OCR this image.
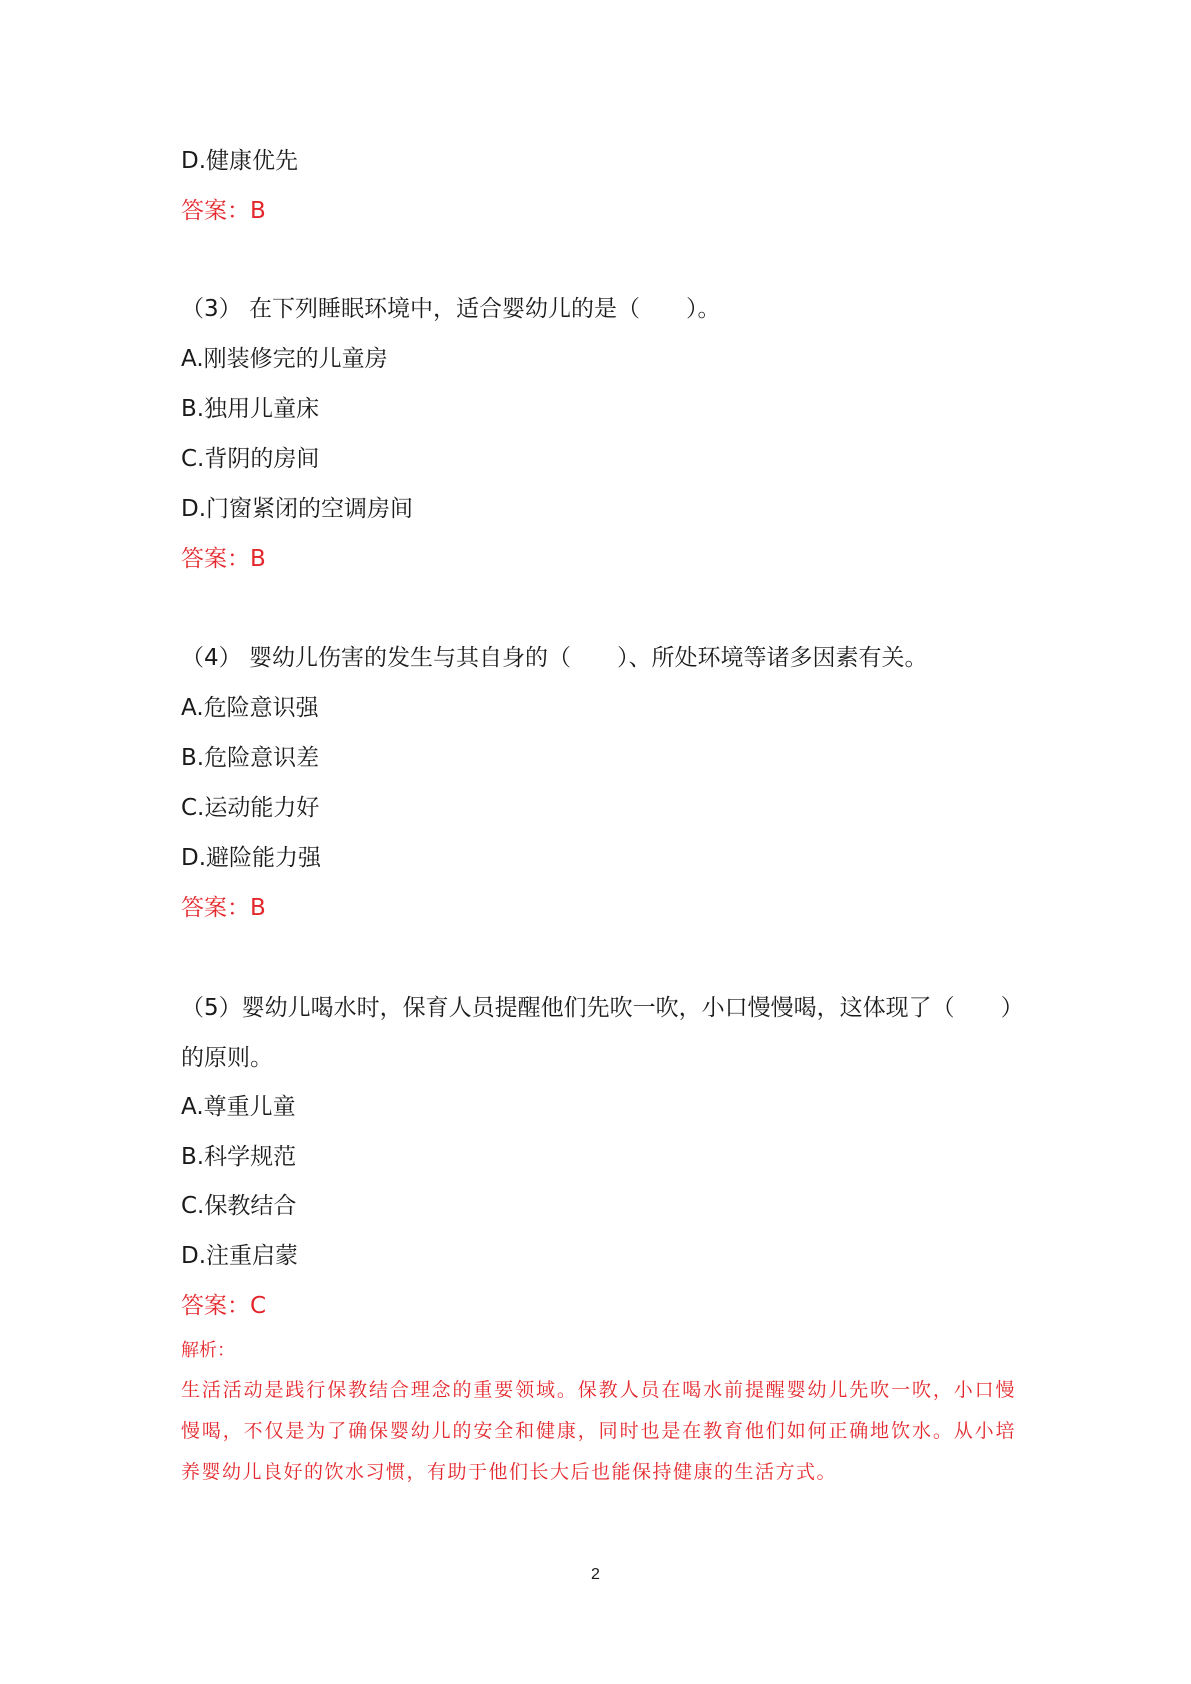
D.健康优先
答案：B
（3） 在下列睡眠环境中，适合婴幼儿的是（　　）。
A.刚装修完的儿童房
B.独用儿童床
C.背阴的房间
D.门窗紧闭的空调房间
答案：B
（4） 婴幼儿伤害的发生与其自身的（　　）、所处环境等诸多因素有关。
A.危险意识强
B.危险意识差
C.运动能力好
D.避险能力强
答案：B
（5）婴幼儿喝水时，保育人员提醒他们先吹一吹，小口慢慢喝，这体现了（　　）
的原则。
A.尊重儿童
B.科学规范
C.保教结合
D.注重启蒙
答案：C
解析：
生活活动是践行保教结合理念的重要领域。保教人员在喝水前提醒婴幼儿先吹一吹，小口慢慢喝，不仅是为了确保婴幼儿的安全和健康，同时也是在教育他们如何正确地饮水。从小培养婴幼儿良好的饮水习惯，有助于他们长大后也能保持健康的生活方式。
2
